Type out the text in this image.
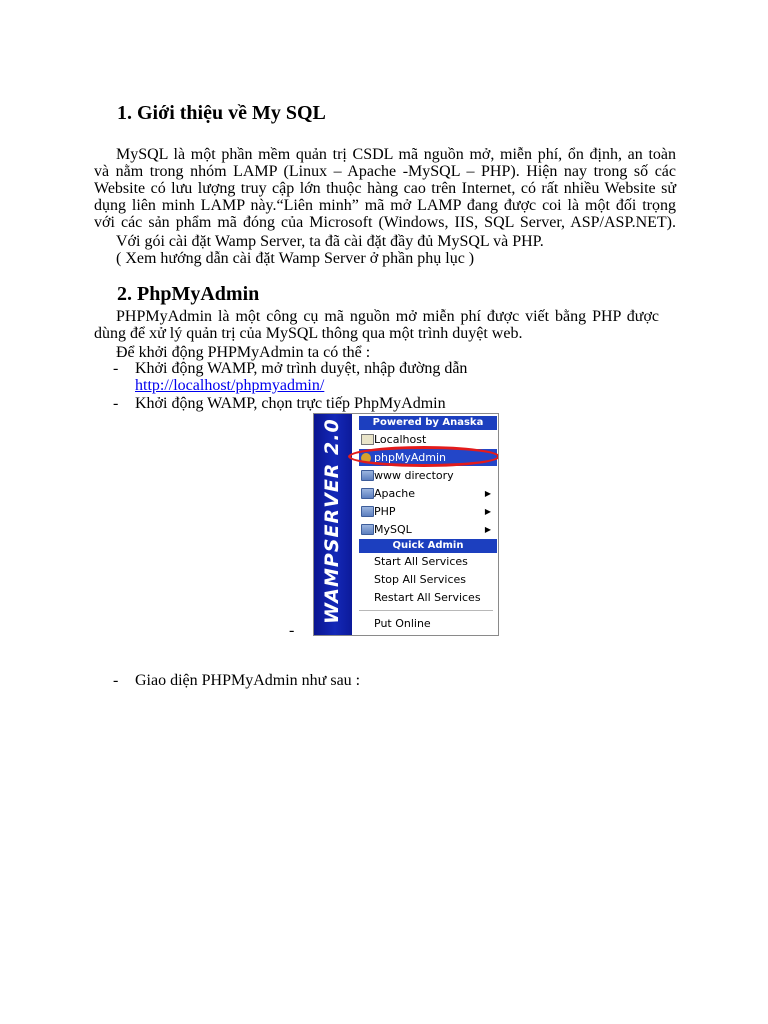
1. Giới thiệu về My SQL

MySQL là một phần mềm quản trị CSDL mã nguồn mở, miễn phí, ổn định, an toàn

và nằm trong nhóm LAMP (Linux – Apache -MySQL – PHP). Hiện nay trong số các

Website có lưu lượng truy cập lớn thuộc hàng cao trên Internet, có rất nhiều Website sử

dụng liên minh LAMP này.“Liên minh” mã mở LAMP đang được coi là một đối trọng

với các sản phẩm mã đóng của Microsoft (Windows, IIS, SQL Server, ASP/ASP.NET).

Với gói cài đặt Wamp Server, ta đã cài đặt đầy đủ MySQL và PHP.

( Xem hướng dẫn cài đặt Wamp Server ở phần phụ lục )

2. PhpMyAdmin

PHPMyAdmin là một công cụ mã nguồn mở miễn phí được viết bằng PHP được

dùng để xử lý quản trị của MySQL thông qua một trình duyệt web.

Để khởi động PHPMyAdmin ta có thể :

- Khởi động WAMP, mở trình duyệt, nhập đường dẫn

http://localhost/phpmyadmin/
- Khởi động WAMP, chọn trực tiếp PhpMyAdmin

WAMPSERVER 2.0	Powered by Anaska
Localhost
phpMyAdmin
www directory
Apache	▶
PHP	▶
MySQL	▶
Quick Admin
Start All Services
Stop All Services
Restart All Services
Put Online
-
- Giao diện PHPMyAdmin như sau :
